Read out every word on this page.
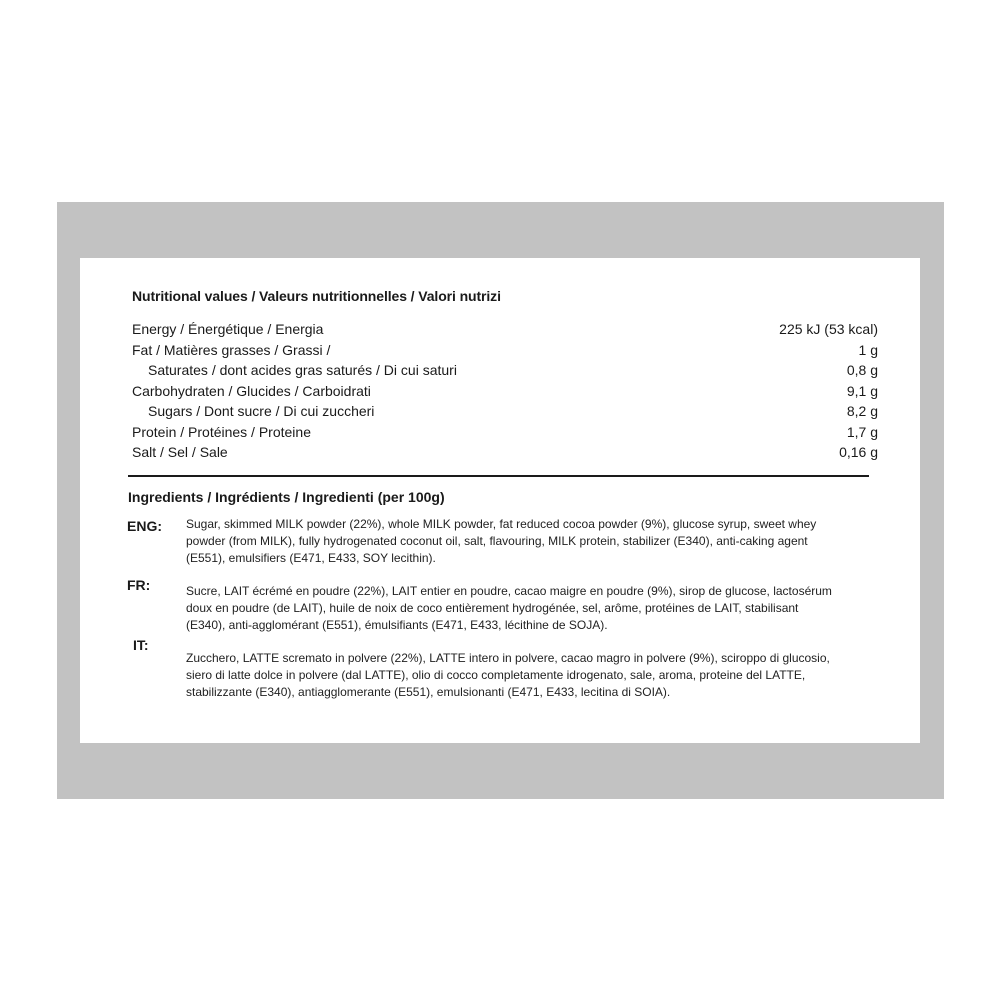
Nutritional values / Valeurs nutritionnelles / Valori nutrizi
Energy / Énergétique / Energia	225 kJ (53 kcal)
Fat / Matières grasses / Grassi /	1 g
Saturates / dont acides gras saturés / Di cui saturi	0,8 g
Carbohydraten / Glucides / Carboidrati	9,1 g
Sugars / Dont sucre / Di cui zuccheri	8,2 g
Protein / Protéines / Proteine	1,7 g
Salt / Sel / Sale	0,16 g
Ingredients / Ingrédients / Ingredienti (per 100g)
ENG: Sugar, skimmed MILK powder (22%), whole MILK powder, fat reduced cocoa powder (9%), glucose syrup, sweet whey powder (from MILK), fully hydrogenated coconut oil, salt, flavouring, MILK protein, stabilizer (E340), anti-caking agent (E551), emulsifiers (E471, E433, SOY lecithin).
FR:	Sucre, LAIT écrémé en poudre (22%), LAIT entier en poudre, cacao maigre en poudre (9%), sirop de glucose, lactosérum doux en poudre (de LAIT), huile de noix de coco entièrement hydrogénée, sel, arôme, protéines de LAIT, stabilisant (E340), anti-agglomérant (E551), émulsifiants (E471, E433, lécithine de SOJA).
IT:
Zucchero, LATTE scremato in polvere (22%), LATTE intero in polvere, cacao magro in polvere (9%), sciroppo di glucosio, siero di latte dolce in polvere (dal LATTE), olio di cocco completamente idrogenato, sale, aroma, proteine del LATTE, stabilizzante (E340), antiagglomerante (E551), emulsionanti (E471, E433, lecitina di SOIA).
